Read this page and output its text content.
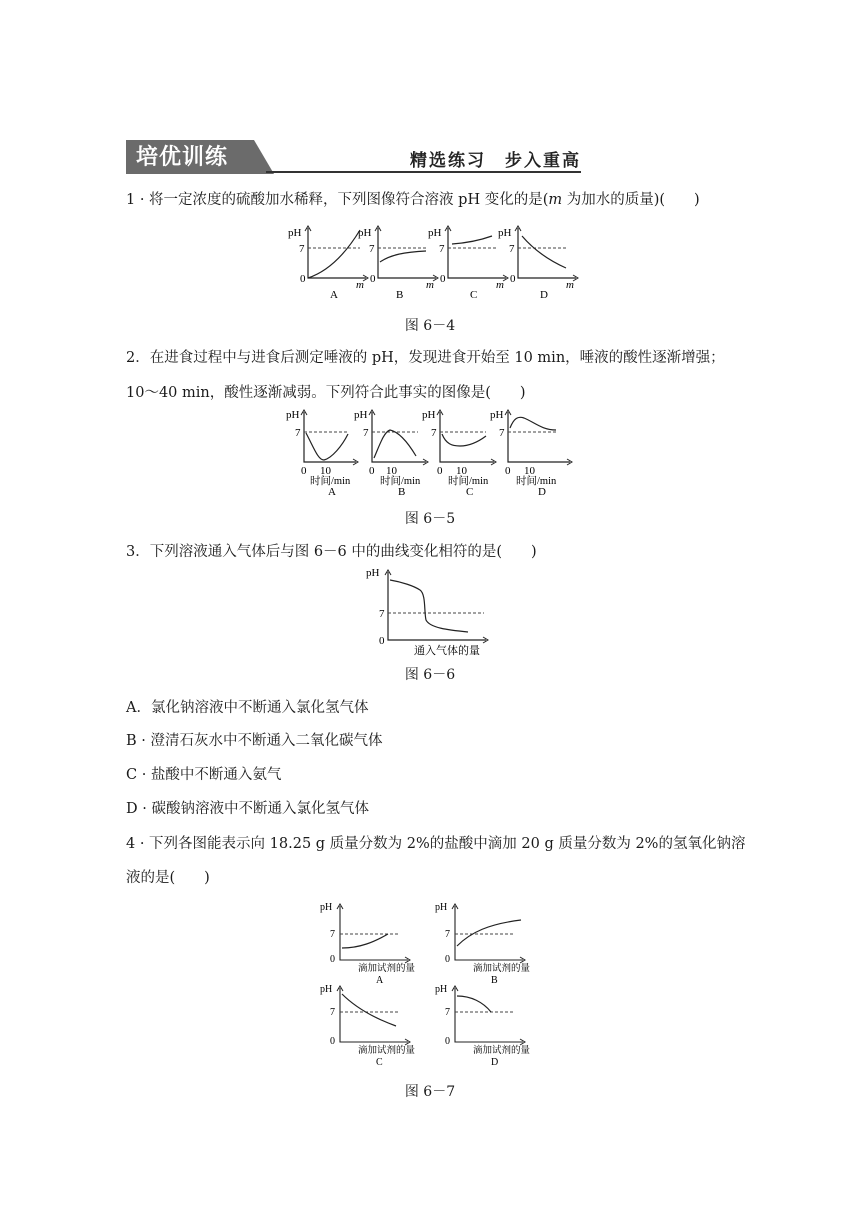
培优训练	精选练习　步入重高
1 · 将一定浓度的硫酸加水稀释，下列图像符合溶液 pH 变化的是(m 为加水的质量)(　　)
pH
7
0	m
A
pH
7
0	m
B
pH
7
0	m
C
pH
7
0	m
D
图 6－4
2．在进食过程中与进食后测定唾液的 pH，发现进食开始至 10 min，唾液的酸性逐渐增强；
10～40 min，酸性逐渐减弱。下列符合此事实的图像是(　　)
pH
7
0 10
时间/min
A
pH
7
0 10
时间/min
B
pH
7
0 10
时间/min
C
pH
7
0 10
时间/min
D
图 6－5
3．下列溶液通入气体后与图 6－6 中的曲线变化相符的是(　　)
pH
7
0
通入气体的量
图 6－6
A．氯化钠溶液中不断通入氯化氢气体
B · 澄清石灰水中不断通入二氧化碳气体
C · 盐酸中不断通入氨气
D · 碳酸钠溶液中不断通入氯化氢气体
4 · 下列各图能表示向 18.25 g 质量分数为 2%的盐酸中滴加 20 g 质量分数为 2%的氢氧化钠溶
液的是(　　)
pH
7
0
滴加试剂的量
A
pH
7
0
滴加试剂的量
B
pH
7
0
滴加试剂的量
C
pH
7
0
滴加试剂的量
D
图 6－7
